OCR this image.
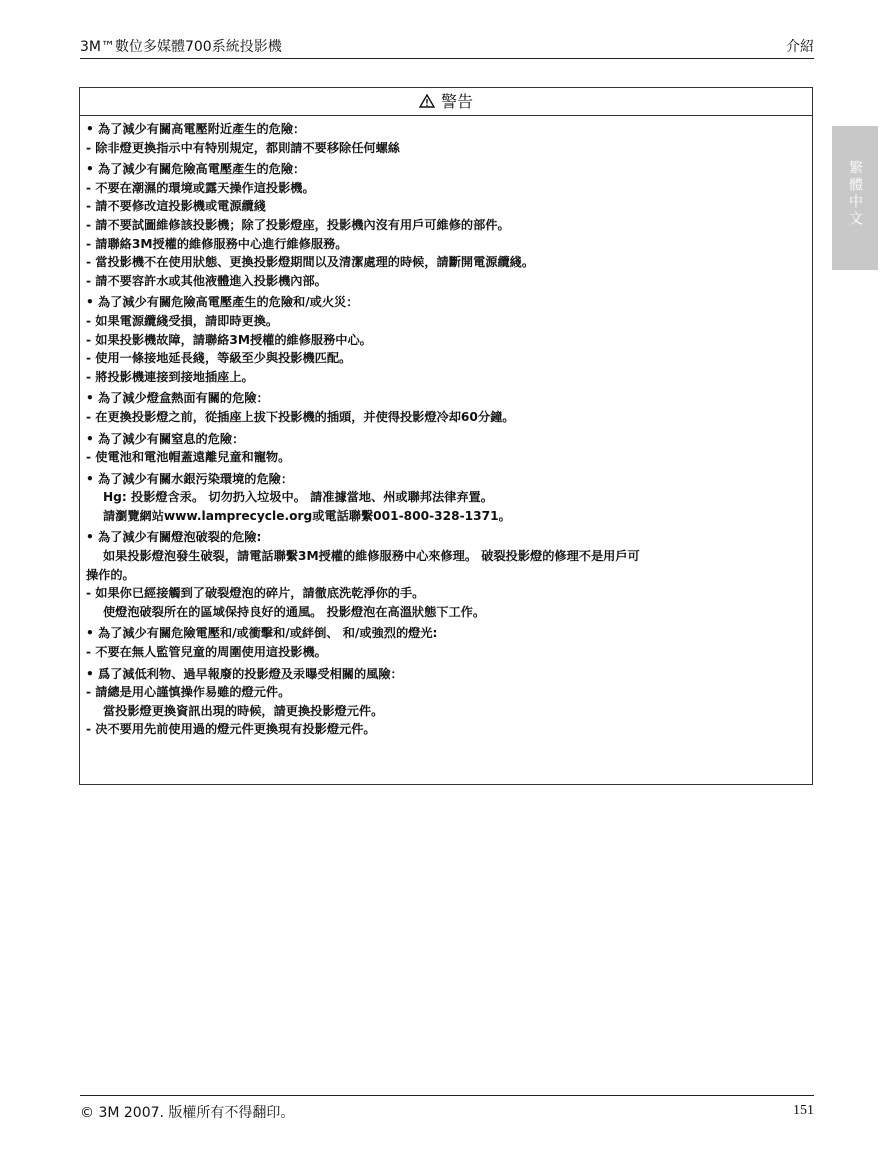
3M™數位多媒體700系統投影機	介紹
繁體中文
警告
• 為了減少有關高電壓附近產生的危險：
- 除非燈更換指示中有特別規定，都則請不要移除任何螺絲
• 為了減少有關危險高電壓產生的危險：
- 不要在潮濕的環境或露天操作這投影機。
- 請不要修改這投影機或電源纜綫
- 請不要試圖維修該投影機；除了投影燈座，投影機內沒有用戶可維修的部件。
- 請聯絡3M授權的維修服務中心進行維修服務。
- 當投影機不在使用狀態、更換投影燈期間以及清潔處理的時候，請斷開電源纜綫。
- 請不要容許水或其他液體進入投影機內部。
• 為了減少有關危險高電壓產生的危險和/或火災：
- 如果電源纜綫受損，請即時更換。
- 如果投影機故障，請聯絡3M授權的維修服務中心。
- 使用一條接地延長綫，等級至少與投影機匹配。
- 將投影機連接到接地插座上。
• 為了減少燈盒熱面有關的危險：
- 在更換投影燈之前，從插座上拔下投影機的插頭，并使得投影燈冷却60分鐘。
• 為了減少有關窒息的危險：
- 使電池和電池帽蓋遠離兒童和寵物。
• 為了減少有關水銀污染環境的危險：
Hg: 投影燈含汞。 切勿扔入垃圾中。 請准據當地、州或聯邦法律弃置。
請瀏覽網站www.lamprecycle.org或電話聯繫001-800-328-1371。
• 為了減少有關燈泡破裂的危險:
如果投影燈泡發生破裂，請電話聯繫3M授權的維修服務中心來修理。 破裂投影燈的修理不是用戶可
操作的。
- 如果你已經接觸到了破裂燈泡的碎片，請徹底洗乾淨你的手。
使燈泡破裂所在的區域保持良好的通風。 投影燈泡在高溫狀態下工作。
• 為了減少有關危險電壓和/或衝擊和/或絆倒、 和/或強烈的燈光:
- 不要在無人監管兒童的周圍使用這投影機。
• 爲了減低利物、過早報廢的投影燈及汞曝受相關的風險：
- 請總是用心謹慎操作易雖的燈元件。
當投影燈更換資訊出現的時候，請更換投影燈元件。
- 决不要用先前使用過的燈元件更換現有投影燈元件。
© 3M 2007. 版權所有不得翻印。	151
